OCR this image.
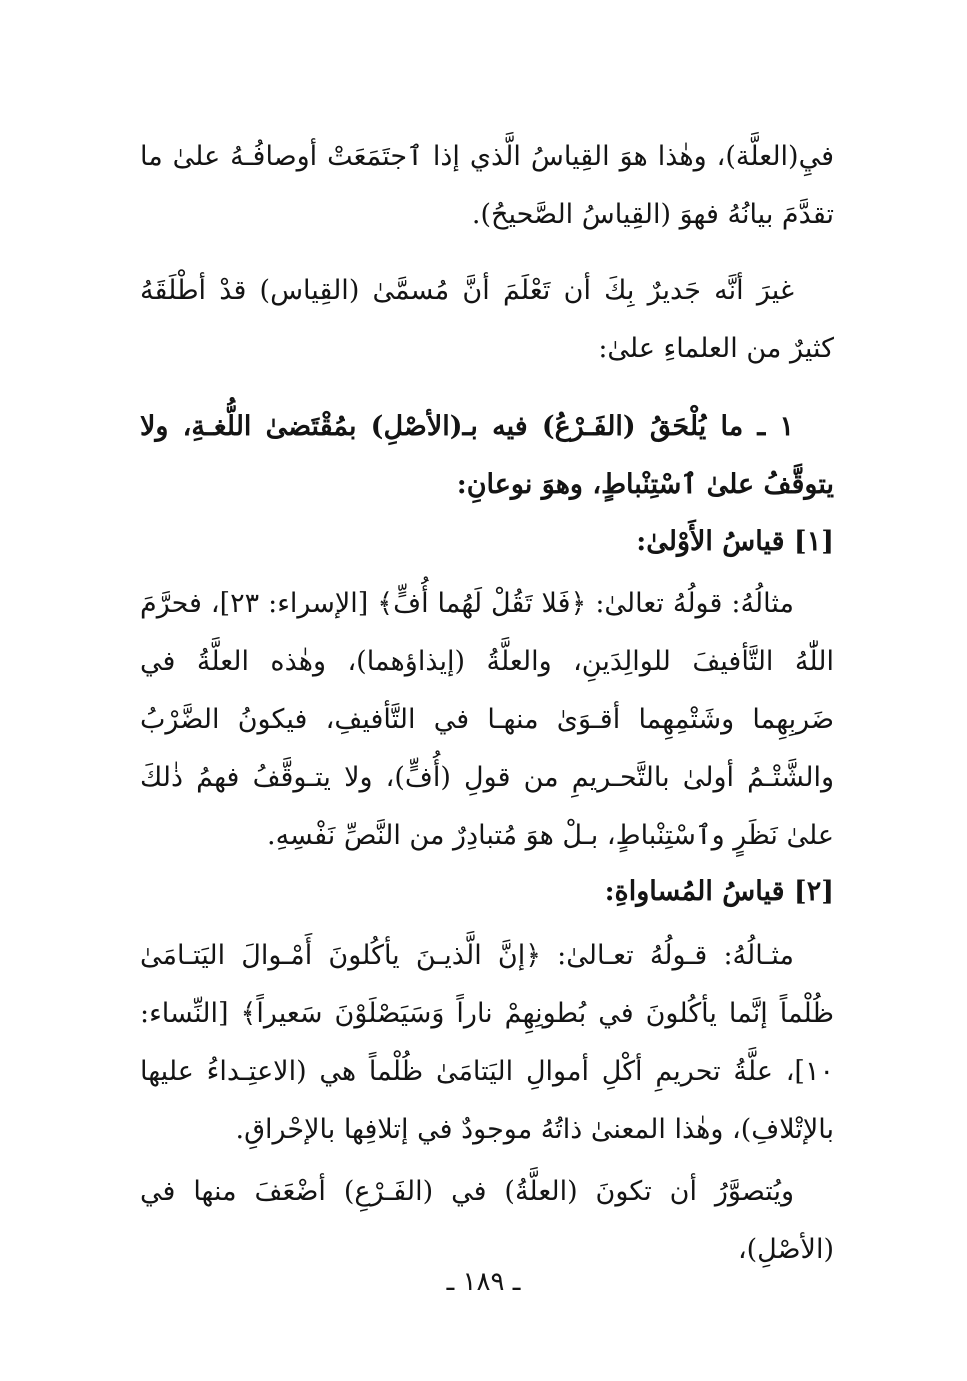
فيِ(العلَّة)، وهٰذا هوَ القِياسُ الَّذي إذا ٱجتَمَعَتْ أوصافُـهُ علىٰ ما تقدَّمَ بيانُهُ فهوَ (القِياسُ الصَّحيحُ).

غيرَ أنَّه جَديرٌ بِكَ أن تَعْلَمَ أنَّ مُسمَّىٰ (القِياس) قدْ أطْلَقَهُ كثيرٌ من العلماءِ علىٰ:

١ ـ ما يُلْحَقُ (الفَـرْعُ) فيه بـ(الأصْلِ) بمُقْتَضىٰ اللُّغـةِ، ولا يتوقَّفُ علىٰ ٱسْتِنْباطٍ، وهوَ نوعانِ:

[١] قياسُ الأَوْلىٰ:

مثالُهُ: قولُهُ تعالىٰ: ﴿فَلا تَقُلْ لَهُما أُفٍّ﴾ [الإسراء: ٢٣]، فحرَّمَ اللّٰهُ التَّأفيفَ للوالِدَينِ، والعلَّةُ (إيذاؤهما)، وهٰذه العلَّةُ في ضَربِهِما وشَتْمِهِما أقـوَىٰ منهـا في التَّأفيفِ، فيكونُ الضَّرْبُ والشَّتْـمُ أولىٰ بالتَّحـريمِ من قولِ (أُفٍّ)، ولا يتـوقَّفُ فهمُ ذٰلكَ علىٰ نَظَرٍ وٱسْتِنْباطٍ، بـلْ هوَ مُتبادِرٌ من النَّصِّ نَفْسِهِ.

[٢] قياسُ المُساواةِ:

مثـالُهُ: قـولُهُ تعـالىٰ: ﴿إنَّ الَّذيـنَ يأكُلونَ أَمْـوالَ اليَتـامَىٰ ظُلْماً إنَّما يأكُلونَ في بُطونِهِمْ ناراً وَسَيَصْلَوْنَ سَعيراً﴾ [النِّساء: ١٠]، علَّةُ تحريمِ أكْلِ أموالِ اليَتامَىٰ ظُلْماً هي (الاعتِـداءُ عليها بالإتْلافِ)، وهٰذا المعنىٰ ذاتُهُ موجودٌ في إتلافِها بالإحْراقِ.

ويُتصوَّرُ أن تكونَ (العلَّةُ) في (الفَـرْعِ) أضْعَفَ منها في (الأصْلِ)،

ـ ١٨٩ ـ
